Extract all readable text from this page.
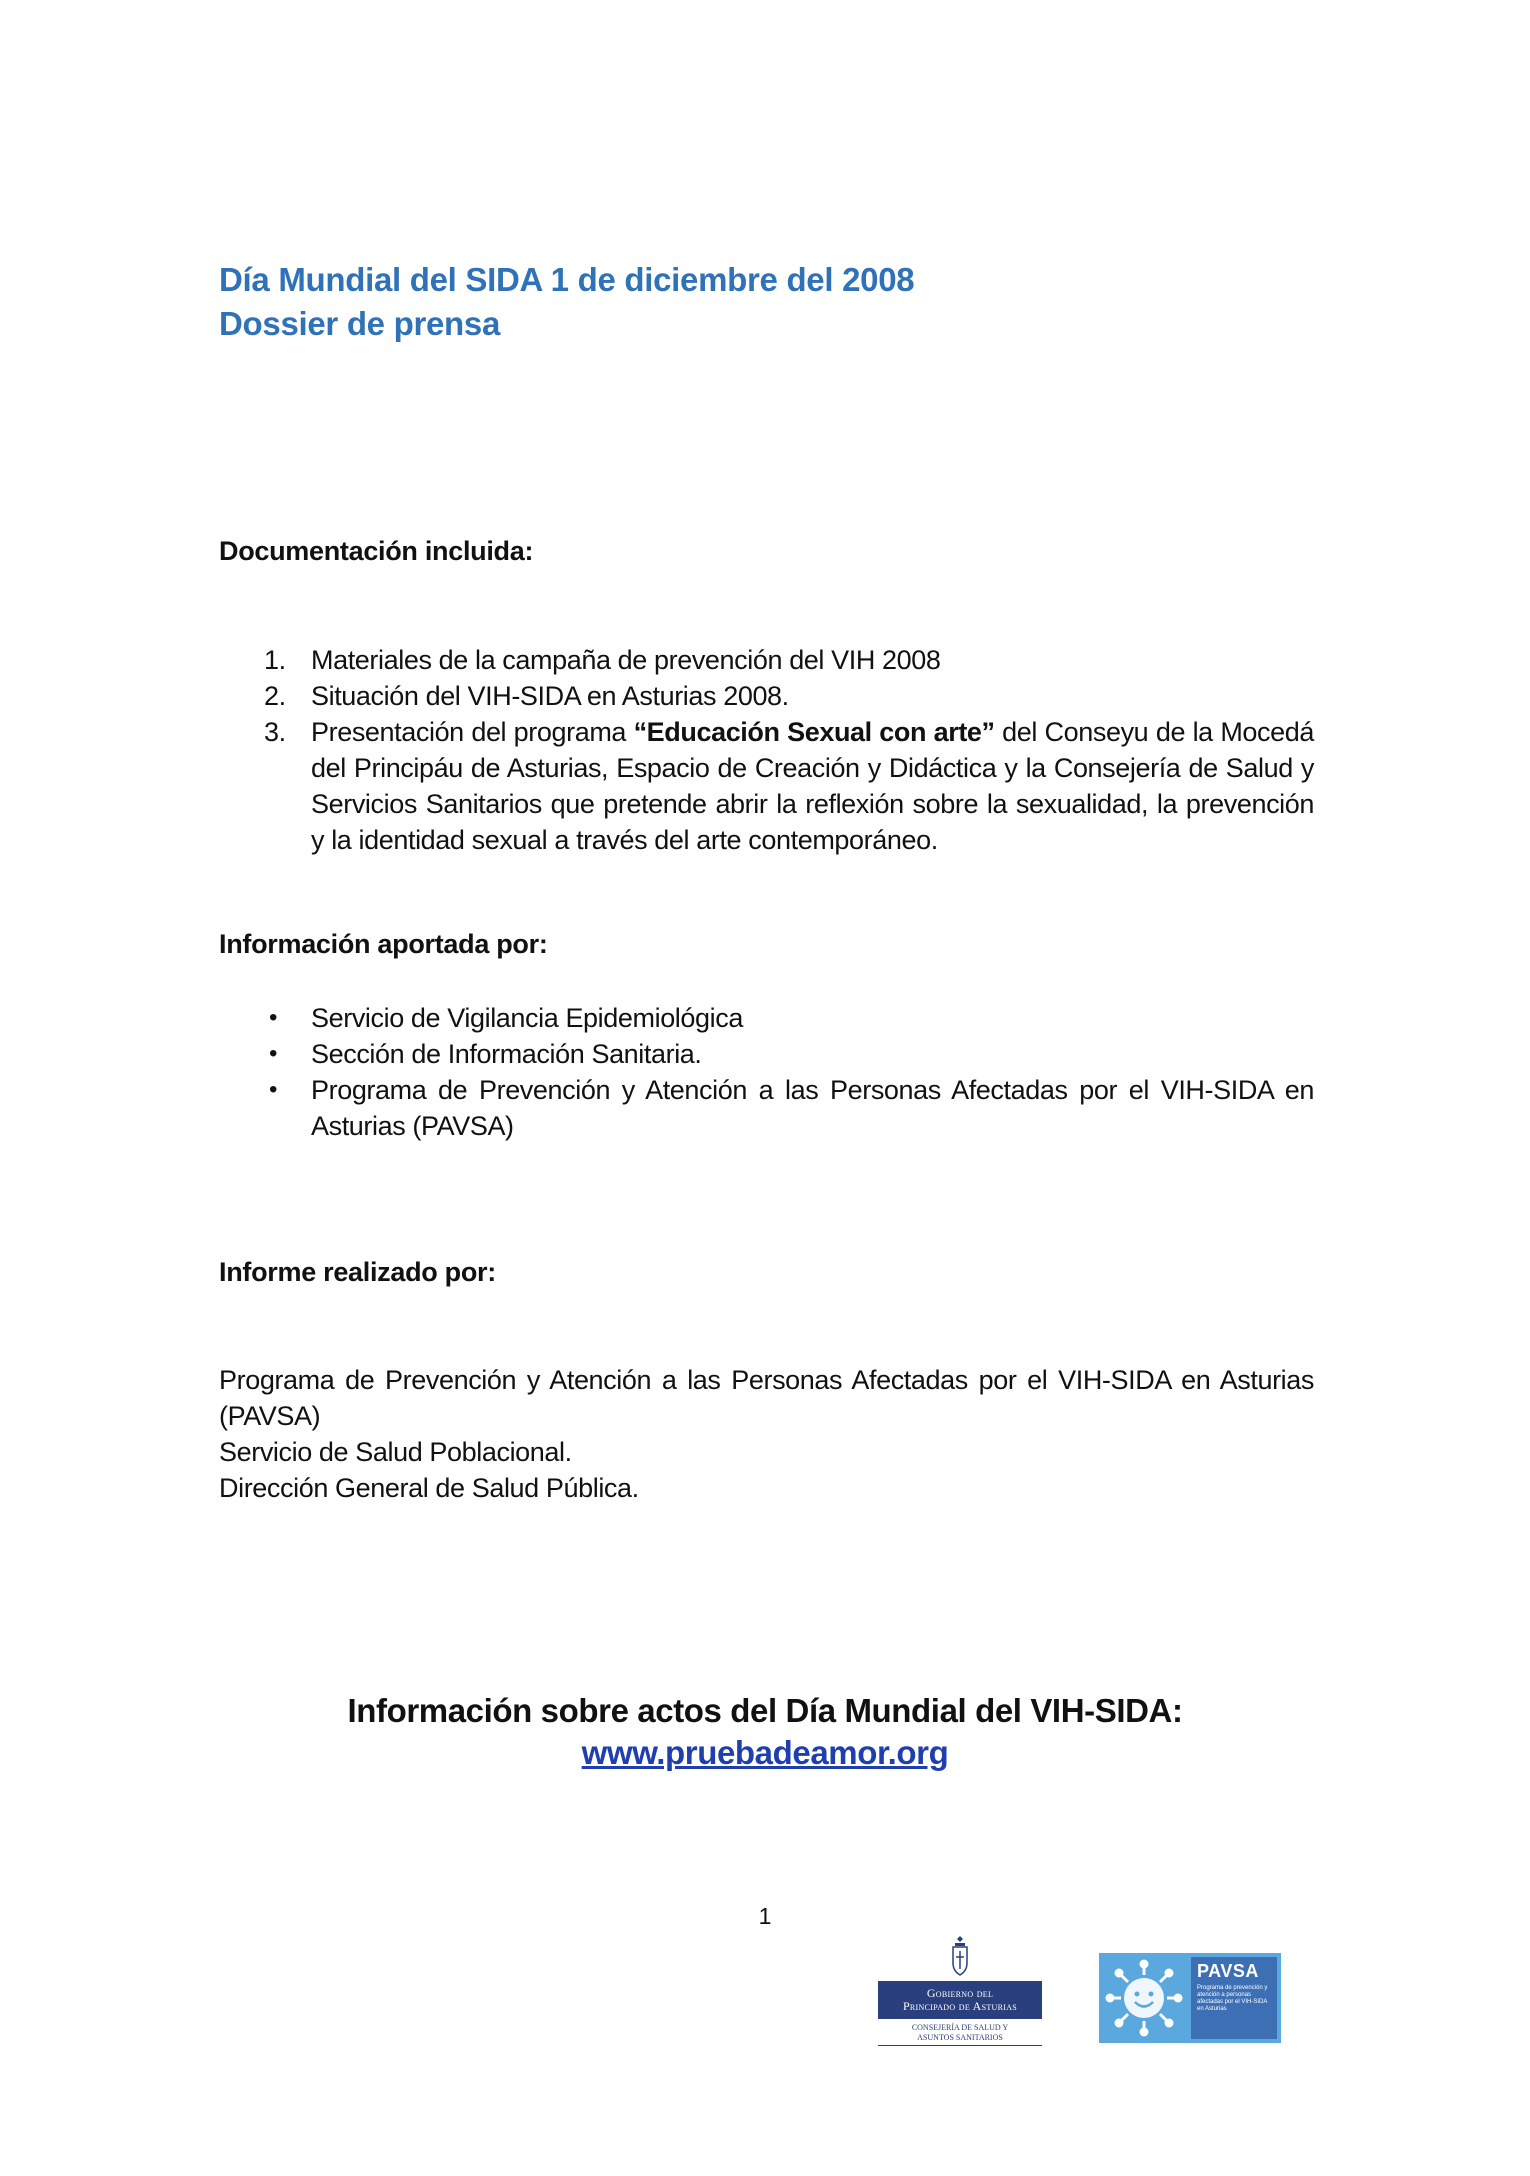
Día Mundial del SIDA 1 de diciembre del 2008
Dossier de prensa
Documentación incluida:
1. Materiales de la campaña de prevención del VIH 2008
2. Situación del VIH-SIDA en Asturias 2008.
3. Presentación del programa “Educación Sexual con arte” del Conseyu de la Mocedá del Principáu de Asturias, Espacio de Creación y Didáctica y la Consejería de Salud y Servicios Sanitarios que pretende abrir la reflexión sobre la sexualidad, la prevención y la identidad sexual a través del arte contemporáneo.
Información aportada por:
• Servicio de Vigilancia Epidemiológica
• Sección de Información Sanitaria.
• Programa de Prevención y Atención a las Personas Afectadas por el VIH-SIDA en Asturias (PAVSA)
Informe realizado por:
Programa de Prevención y Atención a las Personas Afectadas por el VIH-SIDA en Asturias (PAVSA)
Servicio de Salud Poblacional.
Dirección General de Salud Pública.
Información sobre actos del Día Mundial del VIH-SIDA:
www.pruebadeamor.org
1
Gobierno del
Principado de Asturias
CONSEJERÍA DE SALUD Y
ASUNTOS SANITARIOS
PAVSA
Programa de prevención y atención a personas afectadas por el VIH-SIDA en Asturias
